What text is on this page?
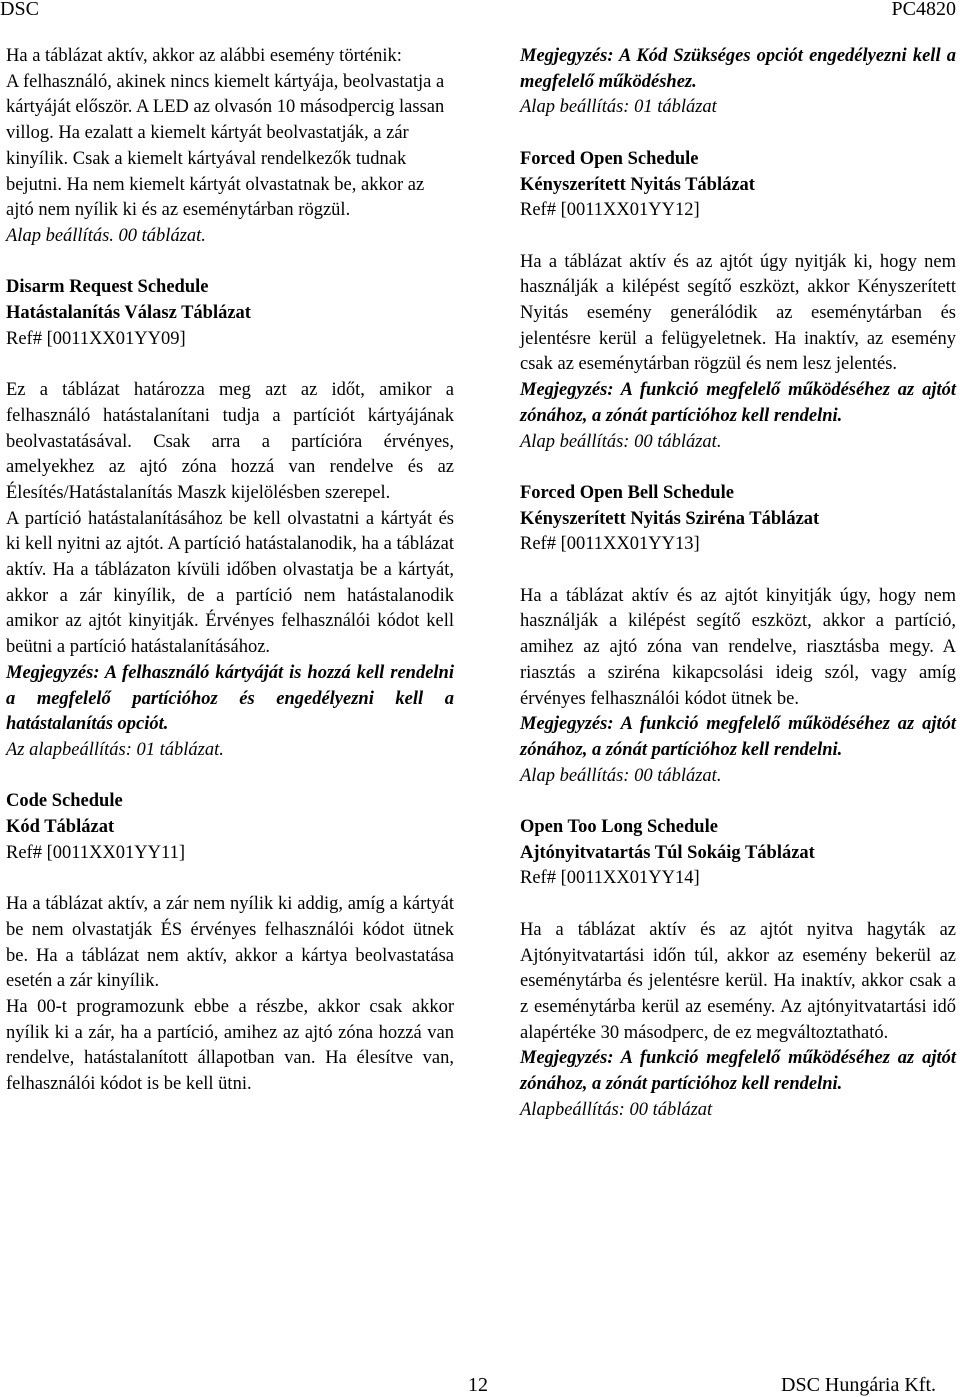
DSC	PC4820

Ha a táblázat aktív, akkor az alábbi esemény történik:

A felhasználó, akinek nincs kiemelt kártyája, beolvastatja a kártyáját először. A LED az olvasón 10 másodpercig lassan villog. Ha ezalatt a kiemelt kártyát beolvastatják, a zár kinyílik. Csak a kiemelt kártyával rendelkezők tudnak bejutni. Ha nem kiemelt kártyát olvastatnak be, akkor az ajtó nem nyílik ki és az eseménytárban rögzül.

Alap beállítás. 00 táblázat.

Disarm Request Schedule

Hatástalanítás Válasz Táblázat

Ref# [0011XX01YY09]

Ez a táblázat határozza meg azt az időt, amikor a felhasználó hatástalanítani tudja a partíciót kártyájának beolvastatásával. Csak arra a partícióra érvényes, amelyekhez az ajtó zóna hozzá van rendelve és az Élesítés/Hatástalanítás Maszk kijelölésben szerepel.

A partíció hatástalanításához be kell olvastatni a kártyát és ki kell nyitni az ajtót. A partíció hatástalanodik, ha a táblázat aktív. Ha a táblázaton kívüli időben olvastatja be a kártyát, akkor a zár kinyílik, de a partíció nem hatástalanodik amikor az ajtót kinyitják. Érvényes felhasználói kódot kell beütni a partíció hatástalanításához.

Megjegyzés: A felhasználó kártyáját is hozzá kell rendelni a megfelelő partícióhoz és engedélyezni kell a hatástalanítás opciót.

Az alapbeállítás: 01 táblázat.

Code Schedule

Kód Táblázat

Ref# [0011XX01YY11]

Ha a táblázat aktív, a zár nem nyílik ki addig, amíg a kártyát be nem olvastatják ÉS érvényes felhasználói kódot ütnek be. Ha a táblázat nem aktív, akkor a kártya beolvastatása esetén a zár kinyílik.

Ha 00-t programozunk ebbe a részbe, akkor csak akkor nyílik ki a zár, ha a partíció, amihez az ajtó zóna hozzá van rendelve, hatástalanított állapotban van. Ha élesítve van, felhasználói kódot is be kell ütni.

Megjegyzés: A Kód Szükséges opciót engedélyezni kell a megfelelő működéshez.

Alap beállítás: 01 táblázat

Forced Open Schedule

Kényszerített Nyitás Táblázat

Ref# [0011XX01YY12]

Ha a táblázat aktív és az ajtót úgy nyitják ki, hogy nem használják a kilépést segítő eszközt, akkor Kényszerített Nyitás esemény generálódik az eseménytárban és jelentésre kerül a felügyeletnek. Ha inaktív, az esemény csak az eseménytárban rögzül és nem lesz jelentés.

Megjegyzés: A funkció megfelelő működéséhez az ajtót zónához, a zónát partícióhoz kell rendelni.

Alap beállítás: 00 táblázat.

Forced Open Bell Schedule

Kényszerített Nyitás Sziréna Táblázat

Ref# [0011XX01YY13]

Ha a táblázat aktív és az ajtót kinyitják úgy, hogy nem használják a kilépést segítő eszközt, akkor a partíció, amihez az ajtó zóna van rendelve, riasztásba megy. A riasztás a sziréna kikapcsolási ideig szól, vagy amíg érvényes felhasználói kódot ütnek be.

Megjegyzés: A funkció megfelelő működéséhez az ajtót zónához, a zónát partícióhoz kell rendelni.

Alap beállítás: 00 táblázat.

Open Too Long Schedule

Ajtónyitvatartás Túl Sokáig Táblázat

Ref# [0011XX01YY14]

Ha a táblázat aktív és az ajtót nyitva hagyták az Ajtónyitvatartási időn túl, akkor az esemény bekerül az eseménytárba és jelentésre kerül. Ha inaktív, akkor csak a z eseménytárba kerül az esemény. Az ajtónyitvatartási idő alapértéke 30 másodperc, de ez megváltoztatható.

Megjegyzés: A funkció megfelelő működéséhez az ajtót zónához, a zónát partícióhoz kell rendelni.

Alapbeállítás: 00 táblázat

12	DSC Hungária Kft.
